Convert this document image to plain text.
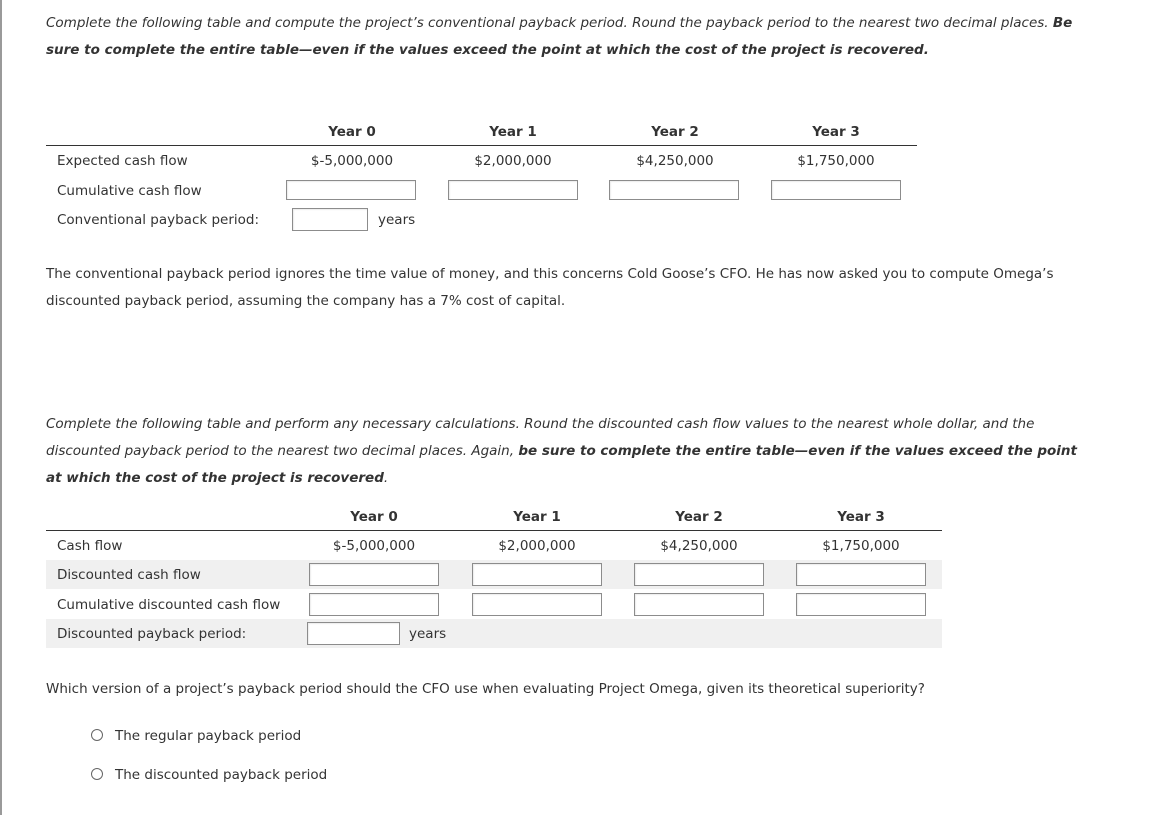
Complete the following table and compute the project’s conventional payback period. Round the payback period to the nearest two decimal places. Be sure to complete the entire table—even if the values exceed the point at which the cost of the project is recovered.
Year 0	Year 1	Year 2	Year 3
Expected cash flow	$-5,000,000	$2,000,000	$4,250,000	$1,750,000
Cumulative cash flow
Conventional payback period:	years
The conventional payback period ignores the time value of money, and this concerns Cold Goose’s CFO. He has now asked you to compute Omega’s discounted payback period, assuming the company has a 7% cost of capital.
Complete the following table and perform any necessary calculations. Round the discounted cash flow values to the nearest whole dollar, and the discounted payback period to the nearest two decimal places. Again, be sure to complete the entire table—even if the values exceed the point at which the cost of the project is recovered.
Year 0	Year 1	Year 2	Year 3
Cash flow	$-5,000,000	$2,000,000	$4,250,000	$1,750,000
Discounted cash flow
Cumulative discounted cash flow
Discounted payback period:	years
Which version of a project’s payback period should the CFO use when evaluating Project Omega, given its theoretical superiority?
The regular payback period
The discounted payback period
